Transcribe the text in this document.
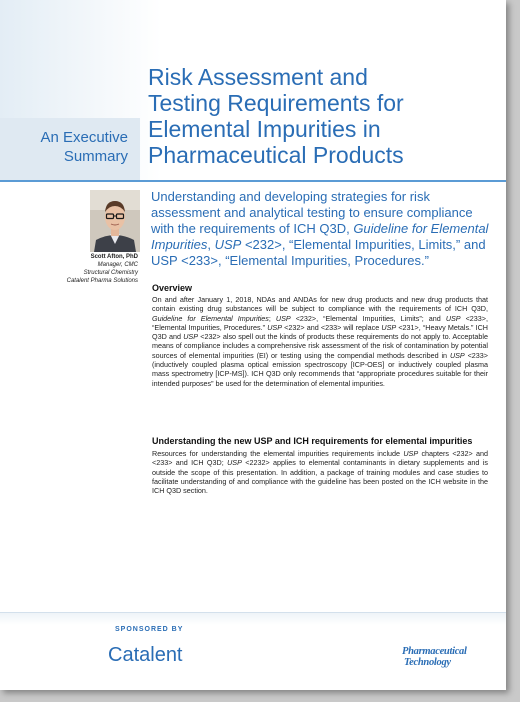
An Executive
Summary
Risk Assessment and
Testing Requirements for
Elemental Impurities in
Pharmaceutical Products
Scott Afton, PhD
Manager, CMC
Structural Chemistry
Catalent Pharma Solutions
Understanding and developing strategies for risk assessment and analytical testing to ensure compliance with the requirements of ICH Q3D, Guideline for Elemental Impurities, USP <232>, “Elemental Impurities, Limits,” and USP <233>, “Elemental Impurities, Procedures.”
Overview
On and after January 1, 2018, NDAs and ANDAs for new drug products and new drug products that contain existing drug substances will be subject to compliance with the requirements of ICH Q3D, Guideline for Elemental Impurities; USP <232>, “Elemental Impurities, Limits”; and USP <233>, “Elemental Impurities, Procedures.” USP <232> and <233> will replace USP <231>, “Heavy Metals.” ICH Q3D and USP <232> also spell out the kinds of products these requirements do not apply to. Acceptable means of compliance includes a comprehensive risk assessment of the risk of contamination by potential sources of elemental impurities (EI) or testing using the compendial methods described in USP <233> (inductively coupled plasma optical emission spectroscopy [ICP-OES] or inductively coupled plasma mass spectrometry [ICP-MS]). ICH Q3D only recommends that “appropriate procedures suitable for their intended purposes” be used for the determination of elemental impurities.
Understanding the new USP and ICH requirements for elemental impurities
Resources for understanding the elemental impurities requirements include USP chapters <232> and <233> and ICH Q3D; USP <2232> applies to elemental contaminants in dietary supplements and is outside the scope of this presentation. In addition, a package of training modules and case studies to facilitate understanding of and compliance with the guideline has been posted on the ICH website in the ICH Q3D section.
SPONSORED BY
Catalent	Pharmaceutical
Technology
